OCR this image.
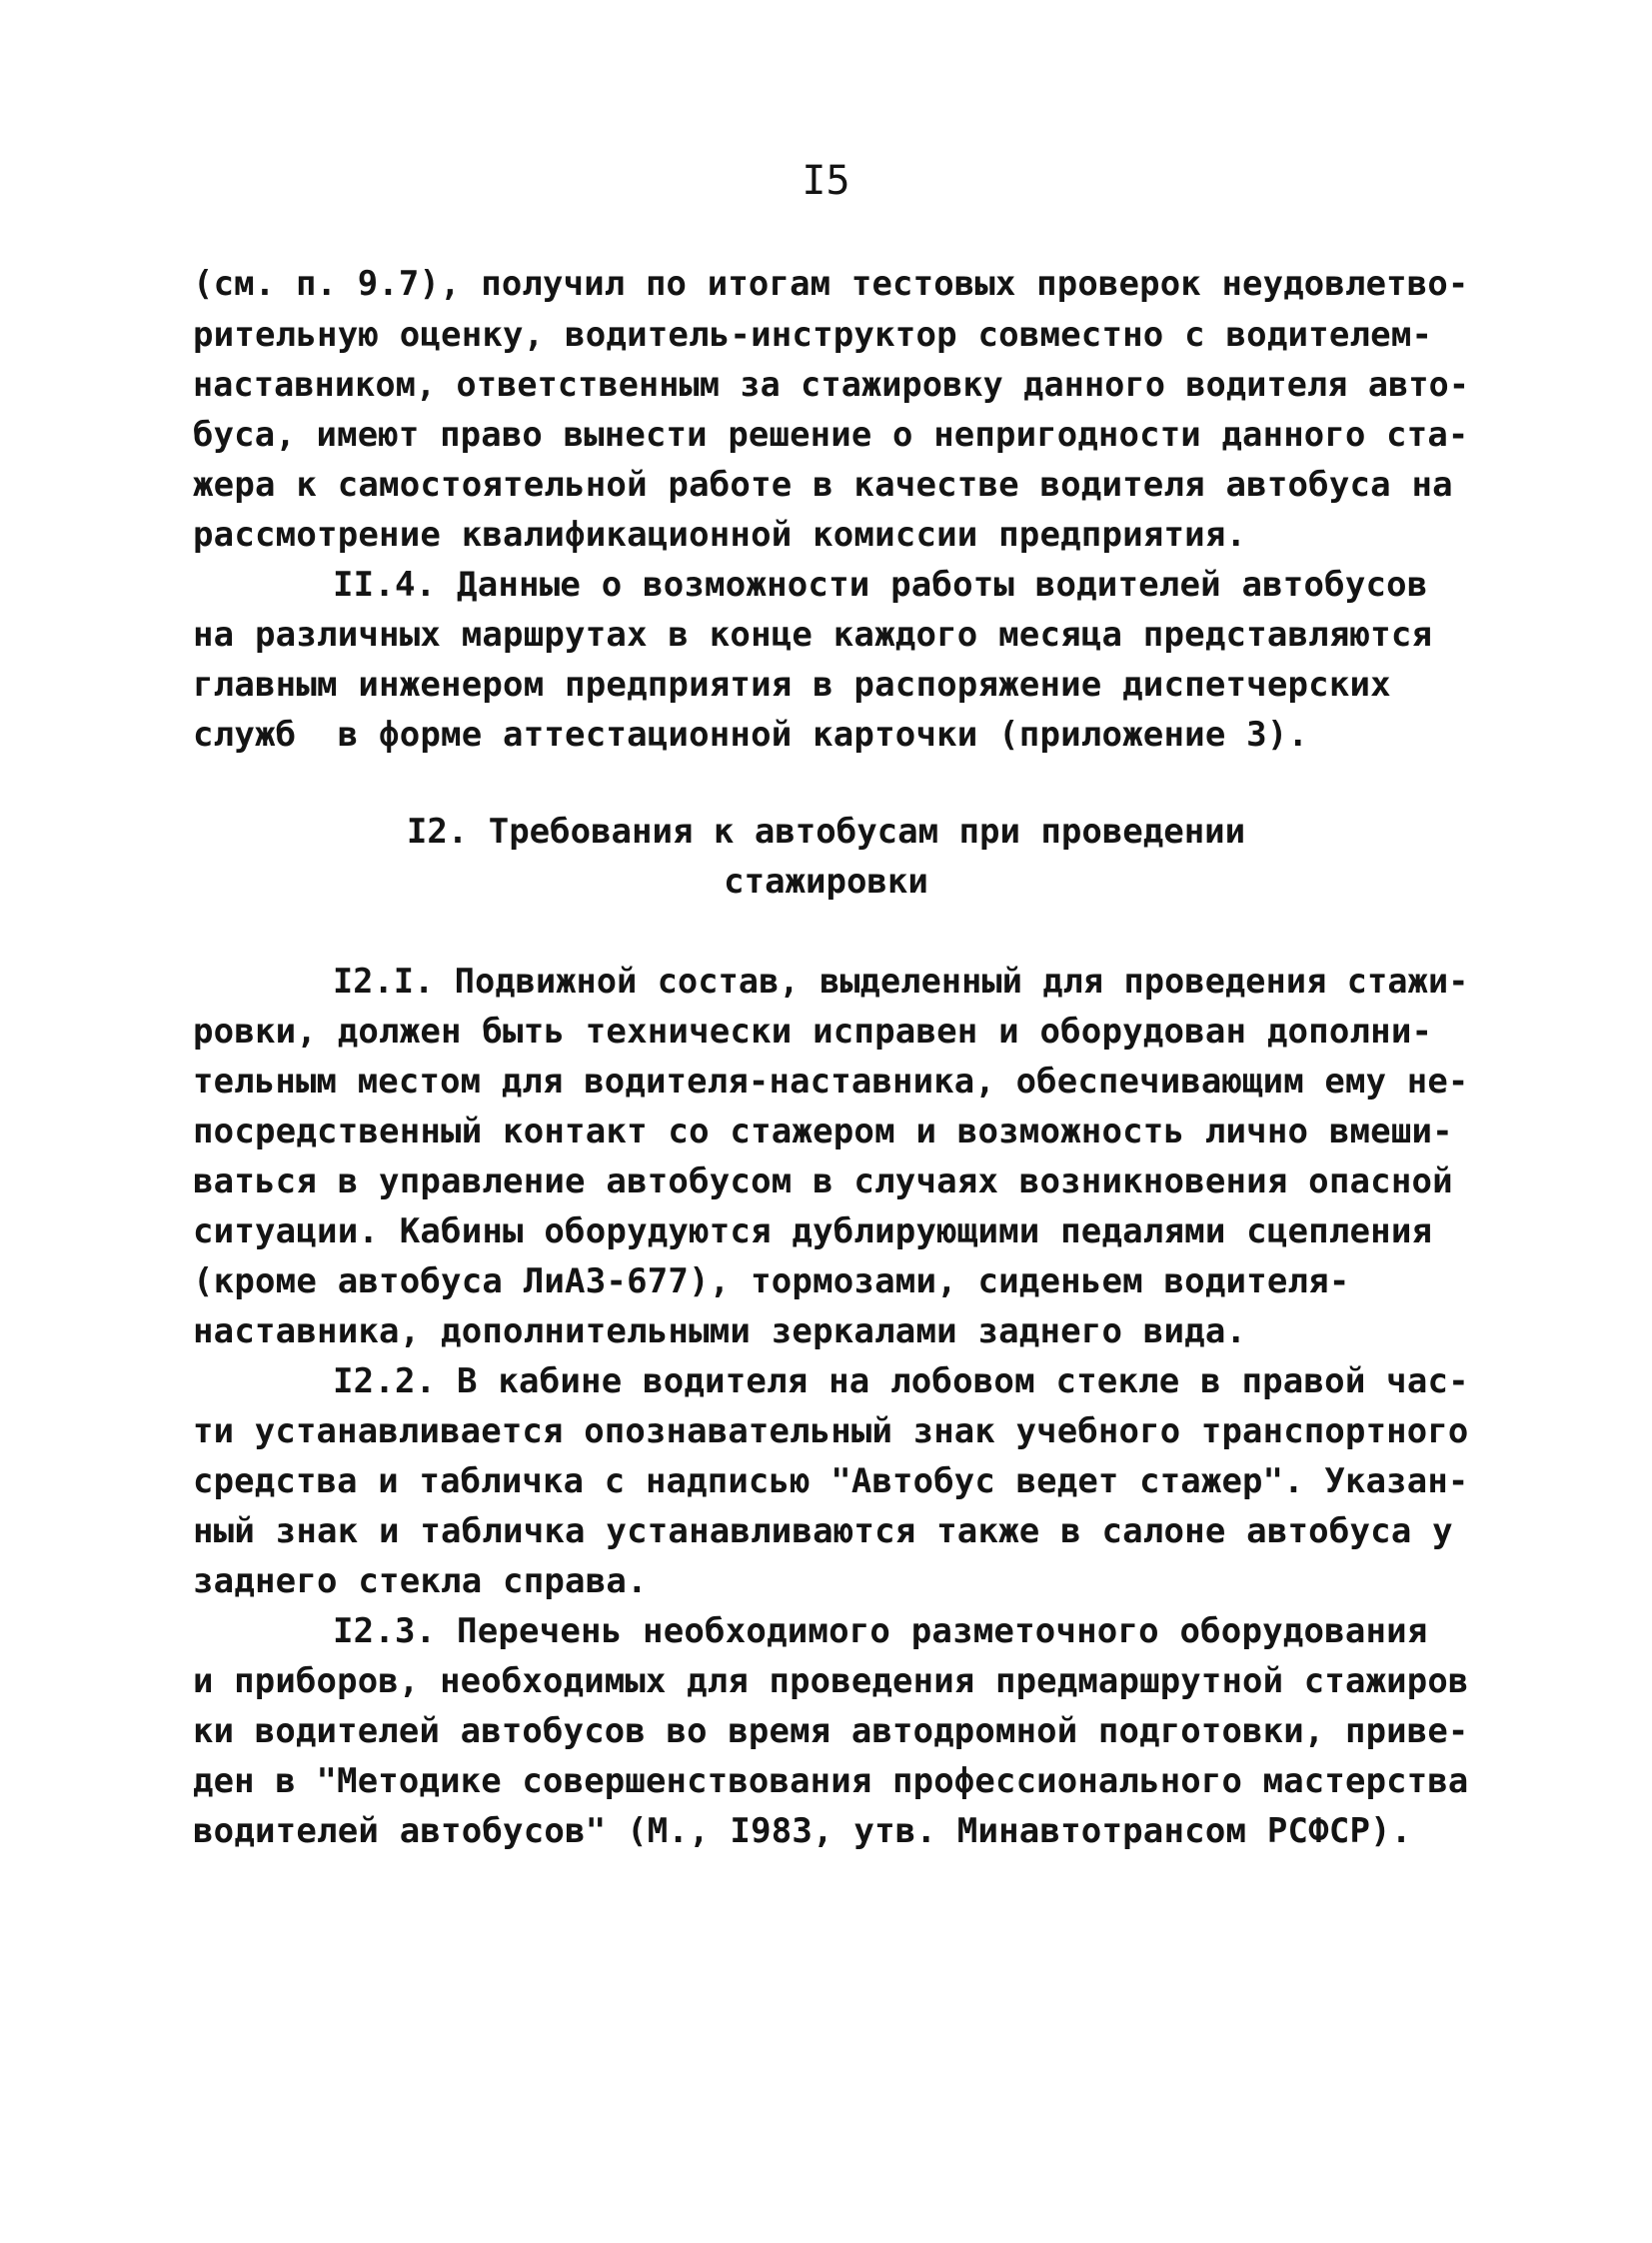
I5
(см. п. 9.7), получил по итогам тестовых проверок неудовлетво-
рительную оценку, водитель-инструктор совместно с водителем-
наставником, ответственным за стажировку данного водителя авто-
буса, имеют право вынести решение о непригодности данного ста-
жера к самостоятельной работе в качестве водителя автобуса на
рассмотрение квалификационной комиссии предприятия.
II.4. Данные о возможности работы водителей автобусов
на различных маршрутах в конце каждого месяца представляются
главным инженером предприятия в распоряжение диспетчерских
служб  в форме аттестационной карточки (приложение 3).
I2. Требования к автобусам при проведении
стажировки
I2.I. Подвижной состав, выделенный для проведения стажи-
ровки, должен быть технически исправен и оборудован дополни-
тельным местом для водителя-наставника, обеспечивающим ему не-
посредственный контакт со стажером и возможность лично вмеши-
ваться в управление автобусом в случаях возникновения опасной
ситуации. Кабины оборудуются дублирующими педалями сцепления
(кроме автобуса ЛиАЗ-677), тормозами, сиденьем водителя-
наставника, дополнительными зеркалами заднего вида.
I2.2. В кабине водителя на лобовом стекле в правой час-
ти устанавливается опознавательный знак учебного транспортного
средства и табличка с надписью "Автобус ведет стажер". Указан-
ный знак и табличка устанавливаются также в салоне автобуса у
заднего стекла справа.
I2.3. Перечень необходимого разметочного оборудования
и приборов, необходимых для проведения предмаршрутной стажиров
ки водителей автобусов во время автодромной подготовки, приве-
ден в "Методике совершенствования профессионального мастерства
водителей автобусов" (М., I983, утв. Минавтотрансом РСФСР).
